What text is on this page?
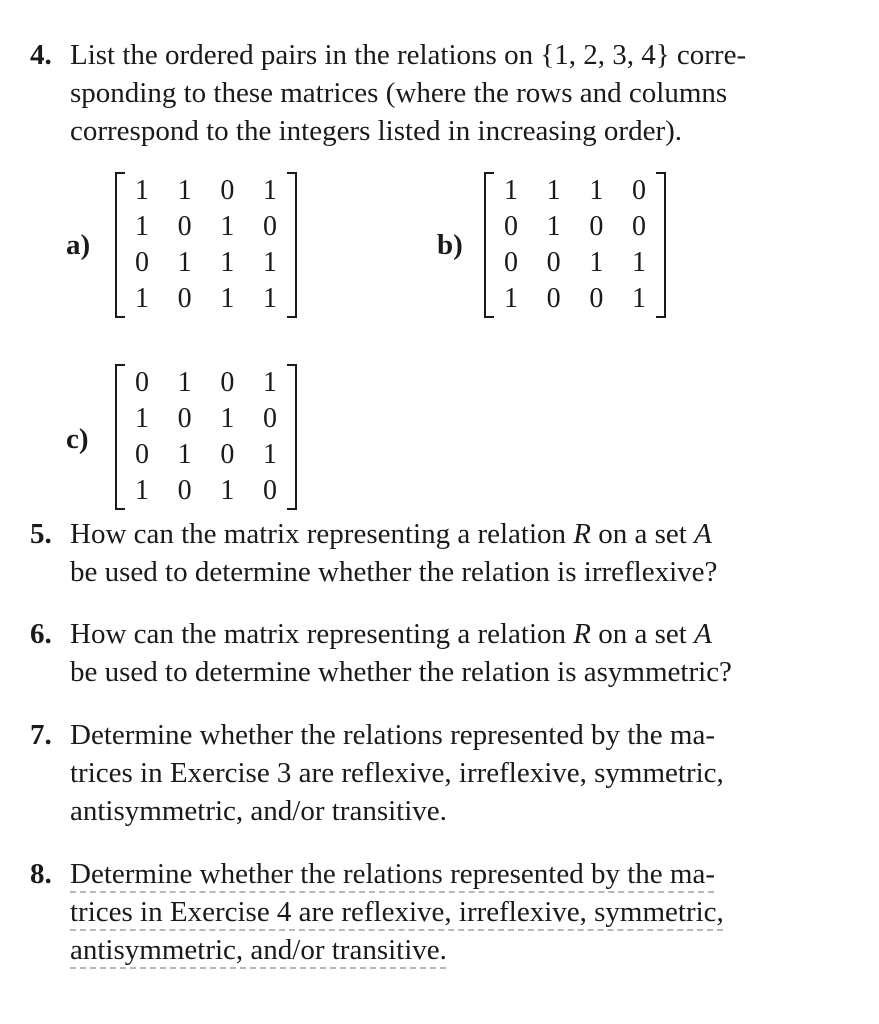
4. List the ordered pairs in the relations on {1, 2, 3, 4} corre-
sponding to these matrices (where the rows and columns
correspond to the integers listed in increasing order).
a)
1 1 0 1
1 0 1 0
0 1 1 1
1 0 1 1
b)
1 1 1 0
0 1 0 0
0 0 1 1
1 0 0 1
c)
0 1 0 1
1 0 1 0
0 1 0 1
1 0 1 0
5. How can the matrix representing a relation R on a set A
be used to determine whether the relation is irreflexive?
6. How can the matrix representing a relation R on a set A
be used to determine whether the relation is asymmetric?
7. Determine whether the relations represented by the ma-
trices in Exercise 3 are reflexive, irreflexive, symmetric,
antisymmetric, and/or transitive.
8. Determine whether the relations represented by the ma-
trices in Exercise 4 are reflexive, irreflexive, symmetric,
antisymmetric, and/or transitive.
